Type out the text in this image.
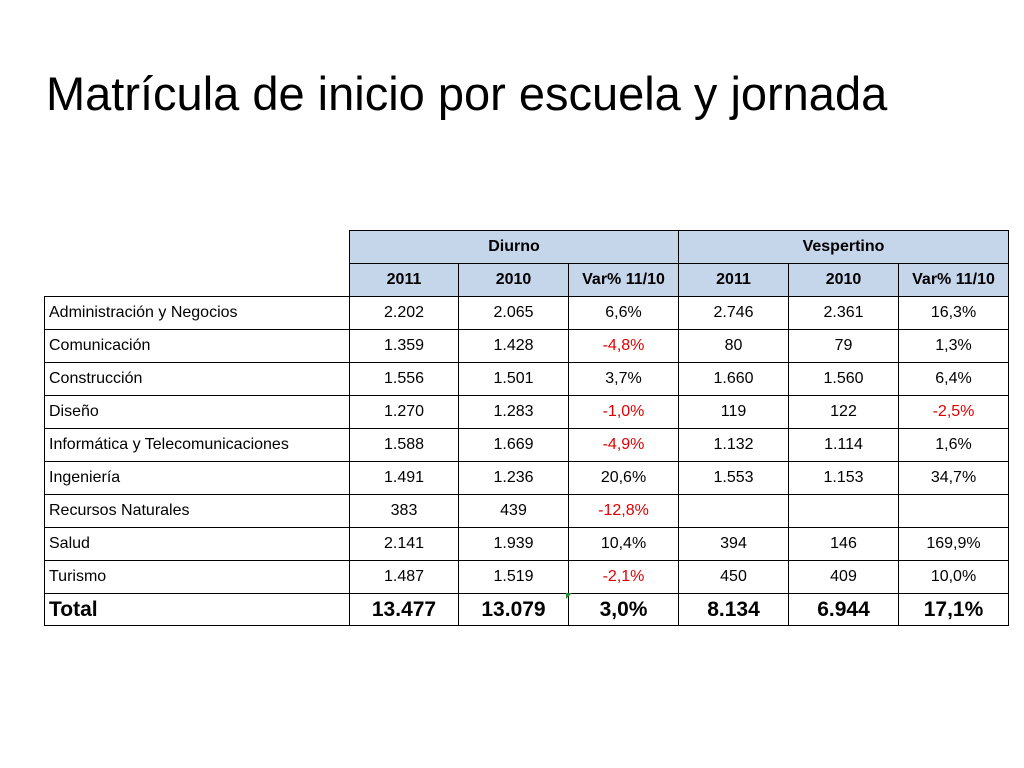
Matrícula de inicio por escuela y jornada
	Diurno			Vespertino		
	2011	2010	Var% 11/10	2011	2010	Var% 11/10
Administración y Negocios	2.202	2.065	6,6%	2.746	2.361	16,3%
Comunicación	1.359	1.428	-4,8%	80	79	1,3%
Construcción	1.556	1.501	3,7%	1.660	1.560	6,4%
Diseño	1.270	1.283	-1,0%	119	122	-2,5%
Informática y Telecomunicaciones	1.588	1.669	-4,9%	1.132	1.114	1,6%
Ingeniería	1.491	1.236	20,6%	1.553	1.153	34,7%
Recursos Naturales	383	439	-12,8%			
Salud	2.141	1.939	10,4%	394	146	169,9%
Turismo	1.487	1.519	-2,1%	450	409	10,0%
Total	13.477	13.079	3,0%	8.134	6.944	17,1%
